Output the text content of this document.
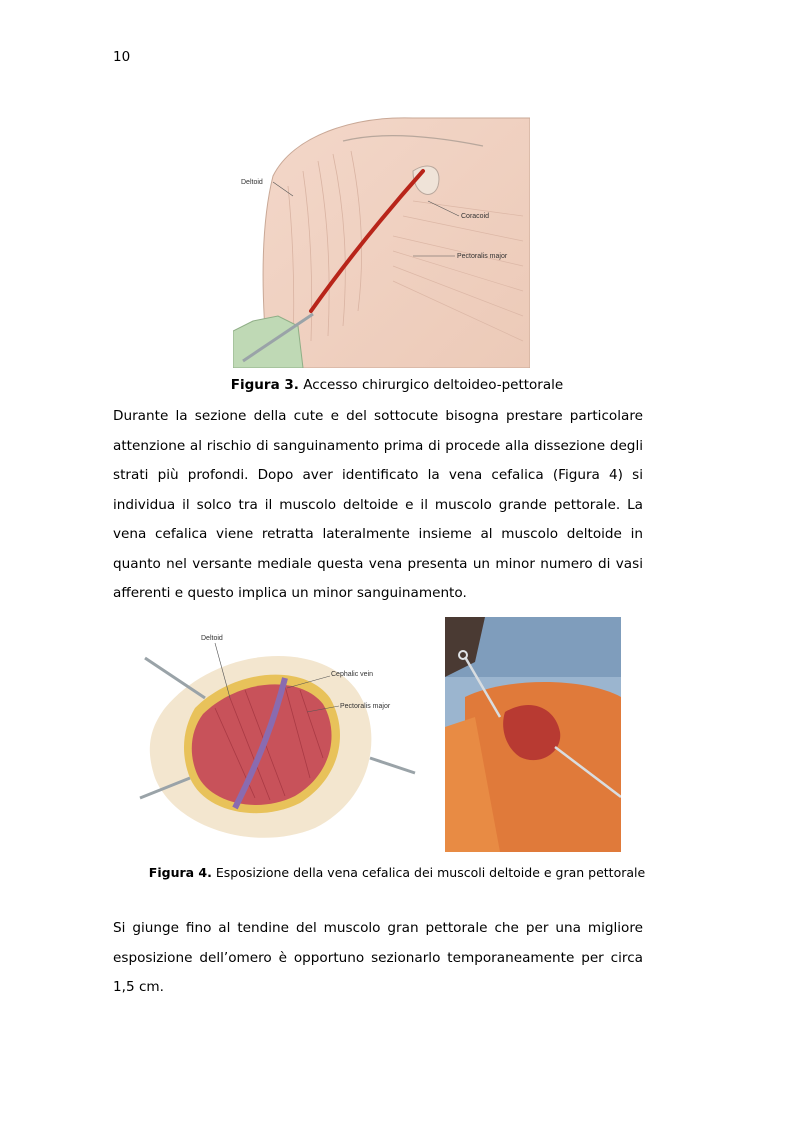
10
Deltoid
Coracoid
Pectoralis major
Figura 3. Accesso chirurgico deltoideo-pettorale

Durante la sezione della cute e del sottocute bisogna prestare particolare attenzione al rischio di sanguinamento prima di procede alla dissezione degli strati più profondi. Dopo aver identificato la vena cefalica (Figura 4) si individua il solco tra il muscolo deltoide e il muscolo grande pettorale. La vena cefalica viene retratta lateralmente insieme al muscolo deltoide in quanto nel versante mediale questa vena presenta un minor numero di vasi afferenti e questo implica un minor sanguinamento.

Deltoid
Cephalic vein
Pectoralis major
Figura 4. Esposizione della vena cefalica dei muscoli deltoide e gran pettorale

Si giunge fino al tendine del muscolo gran pettorale che per una migliore esposizione dell’omero è opportuno sezionarlo temporaneamente per circa 1,5 cm.
